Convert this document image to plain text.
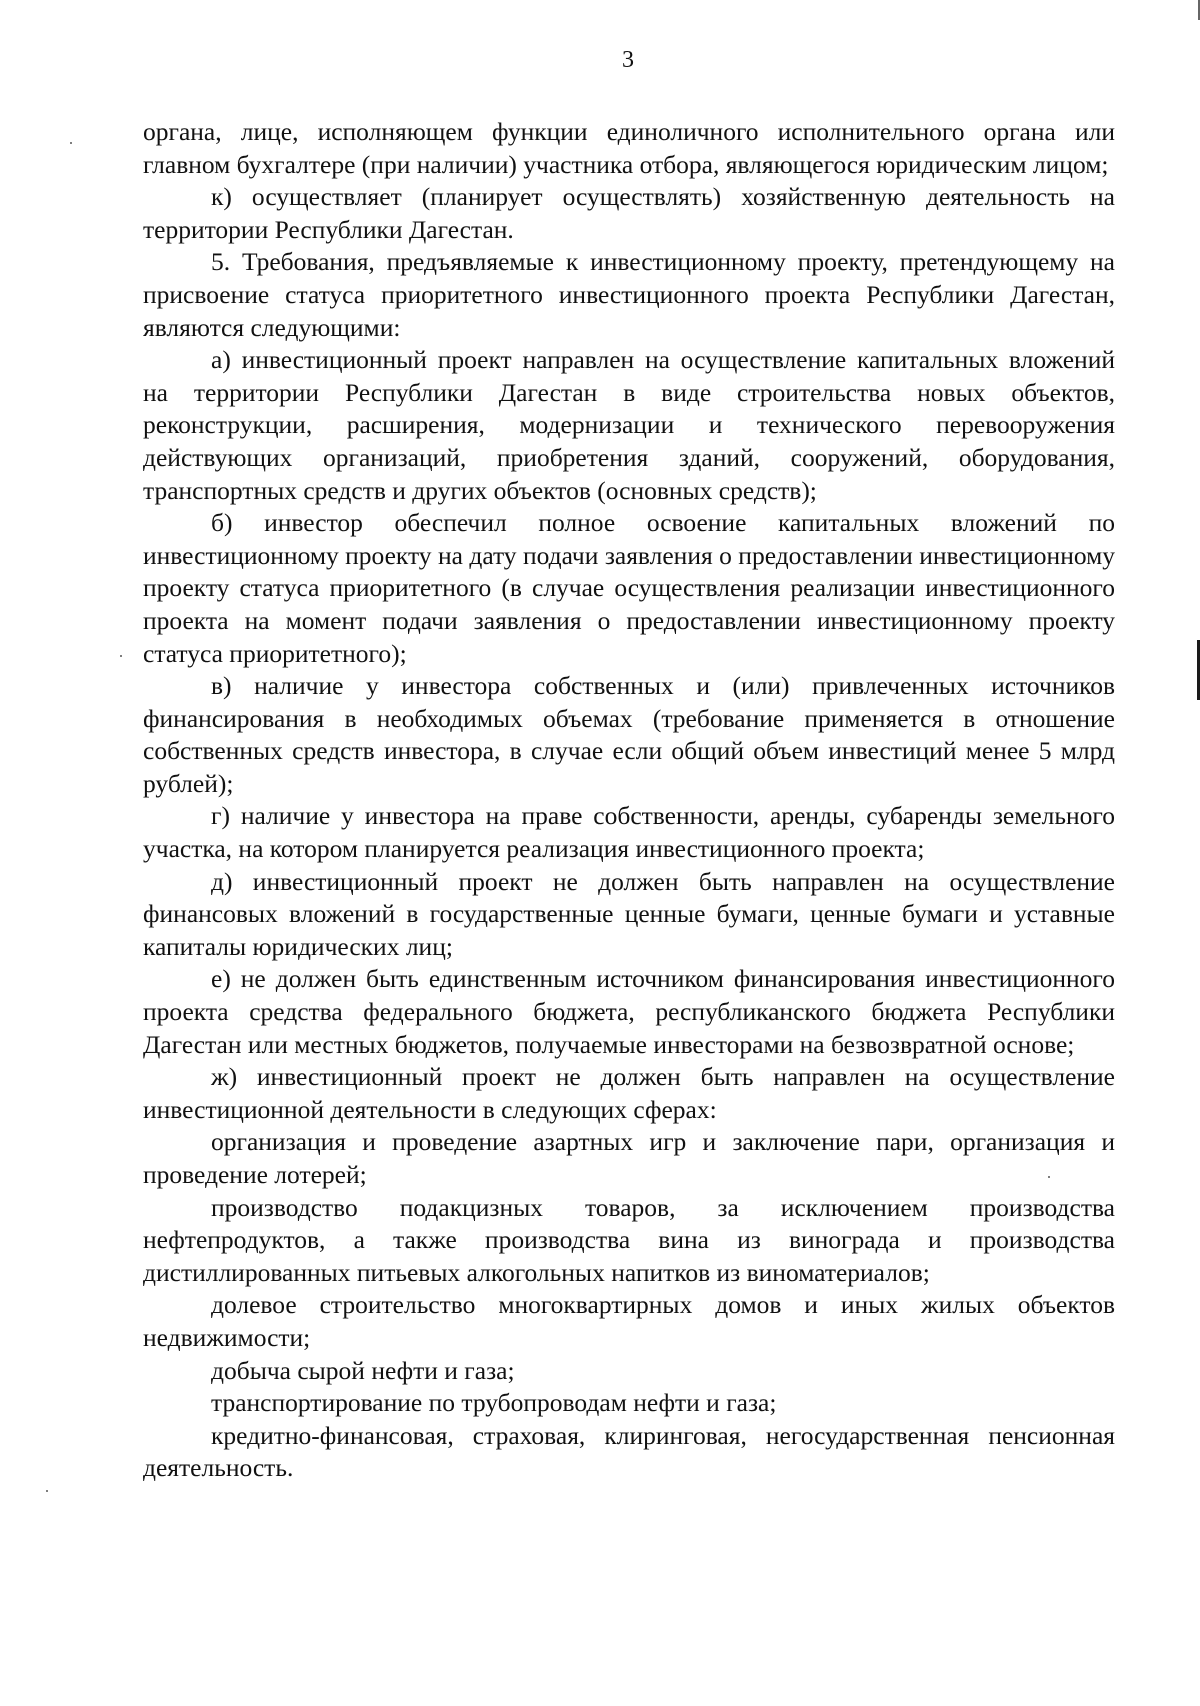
3

органа, лице, исполняющем функции единоличного исполнительного органа или главном бухгалтере (при наличии) участника отбора, являющегося юридическим лицом;

к) осуществляет (планирует осуществлять) хозяйственную деятельность на территории Республики Дагестан.

5. Требования, предъявляемые к инвестиционному проекту, претендующему на присвоение статуса приоритетного инвестиционного проекта Республики Дагестан, являются следующими:

а) инвестиционный проект направлен на осуществление капитальных вложений на территории Республики Дагестан в виде строительства новых объектов, реконструкции, расширения, модернизации и технического перевооружения действующих организаций, приобретения зданий, сооружений, оборудования, транспортных средств и других объектов (основных средств);

б) инвестор обеспечил полное освоение капитальных вложений по инвестиционному проекту на дату подачи заявления о предоставлении инвестиционному проекту статуса приоритетного (в случае осуществления реализации инвестиционного проекта на момент подачи заявления о предоставлении инвестиционному проекту статуса приоритетного);

в) наличие у инвестора собственных и (или) привлеченных источников финансирования в необходимых объемах (требование применяется в отношение собственных средств инвестора, в случае если общий объем инвестиций менее 5 млрд рублей);

г) наличие у инвестора на праве собственности, аренды, субаренды земельного участка, на котором планируется реализация инвестиционного проекта;

д) инвестиционный проект не должен быть направлен на осуществление финансовых вложений в государственные ценные бумаги, ценные бумаги и уставные капиталы юридических лиц;

е) не должен быть единственным источником финансирования инвестиционного проекта средства федерального бюджета, республиканского бюджета Республики Дагестан или местных бюджетов, получаемые инвесторами на безвозвратной основе;

ж) инвестиционный проект не должен быть направлен на осуществление инвестиционной деятельности в следующих сферах:

организация и проведение азартных игр и заключение пари, организация и проведение лотерей;

производство подакцизных товаров, за исключением производства нефтепродуктов, а также производства вина из винограда и производства дистиллированных питьевых алкогольных напитков из виноматериалов;

долевое строительство многоквартирных домов и иных жилых объектов недвижимости;

добыча сырой нефти и газа;

транспортирование по трубопроводам нефти и газа;

кредитно-финансовая, страховая, клиринговая, негосударственная пенсионная деятельность.
